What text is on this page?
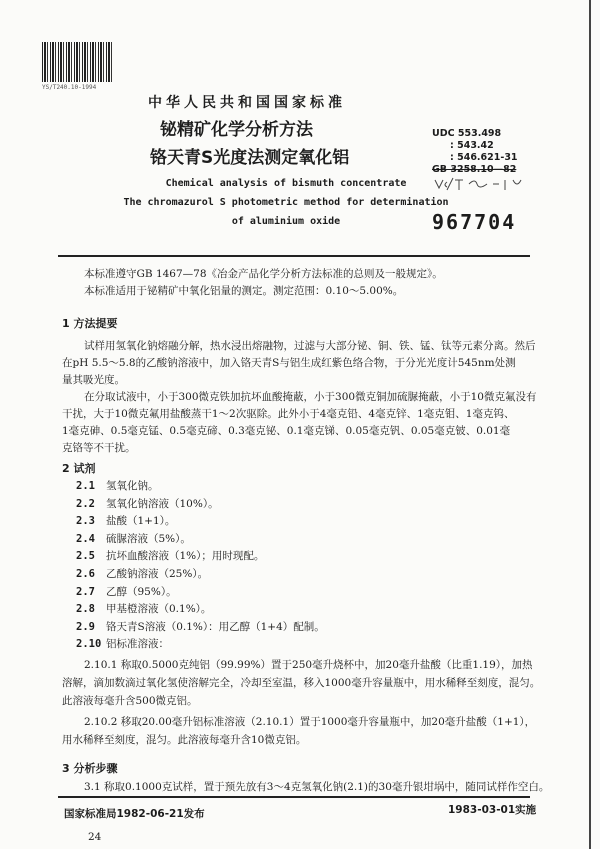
YS/T240.10-1994
中华人民共和国国家标准
铋精矿化学分析方法
铬天青S光度法测定氧化铝
Chemical analysis of bismuth concentrate
The chromazurol S photometric method for determination
of aluminium oxide
UDC 553.498
: 543.42
: 546.621-31
GB 3258.10—82
967704
本标准遵守GB 1467—78《冶金产品化学分析方法标准的总则及一般规定》。
本标准适用于铋精矿中氧化铝量的测定。测定范围：0.10～5.00%。
1 方法提要
试样用氢氧化钠熔融分解，热水浸出熔融物，过滤与大部分铋、铜、铁、锰、钛等元素分离。然后
在pH 5.5～5.8的乙酸钠溶液中，加入铬天青S与铝生成红紫色络合物，于分光光度计545nm处测
量其吸光度。
在分取试液中，小于300微克铁加抗坏血酸掩蔽，小于300微克铜加硫脲掩蔽，小于10微克氟没有
干扰，大于10微克氟用盐酸蒸干1～2次驱除。此外小于4毫克铅、4毫克锌、1毫克钼、1毫克钨、
1毫克砷、0.5毫克锰、0.5毫克碲、0.3毫克铋、0.1毫克锑、0.05毫克钒、0.05毫克铍、0.01毫
克铬等不干扰。
2 试剂
2.1 氢氧化钠。
2.2 氢氧化钠溶液（10%）。
2.3 盐酸（1+1）。
2.4 硫脲溶液（5%）。
2.5 抗坏血酸溶液（1%）；用时现配。
2.6 乙酸钠溶液（25%）。
2.7 乙醇（95%）。
2.8 甲基橙溶液（0.1%）。
2.9 铬天青S溶液（0.1%）：用乙醇（1+4）配制。
2.10 铝标准溶液：
2.10.1 称取0.5000克纯铝（99.99%）置于250毫升烧杯中，加20毫升盐酸（比重1.19），加热
溶解，滴加数滴过氧化氢使溶解完全，冷却至室温，移入1000毫升容量瓶中，用水稀释至刻度，混匀。
此溶液每毫升含500微克铝。
2.10.2 移取20.00毫升铝标准溶液（2.10.1）置于1000毫升容量瓶中，加20毫升盐酸（1+1），
用水稀释至刻度，混匀。此溶液每毫升含10微克铝。
3 分析步骤
3.1 称取0.1000克试样，置于预先放有3～4克氢氧化钠(2.1)的30毫升银坩埚中，随同试样作空白。
国家标准局1982-06-21发布	1983-03-01实施
24
